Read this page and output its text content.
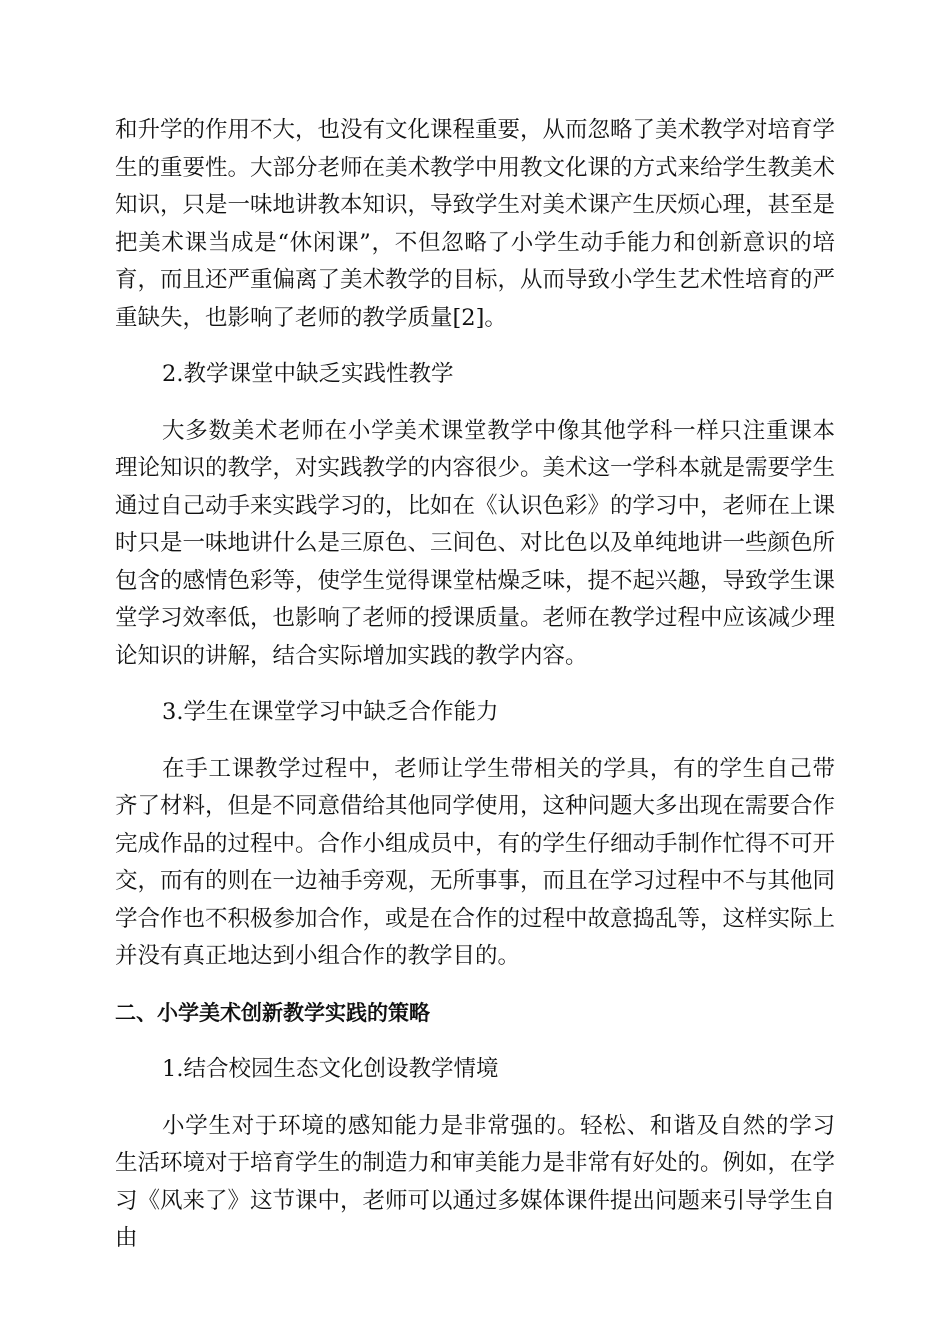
和升学的作用不大，也没有文化课程重要，从而忽略了美术教学对培育学生的重要性。大部分老师在美术教学中用教文化课的方式来给学生教美术知识，只是一味地讲教本知识，导致学生对美术课产生厌烦心理，甚至是把美术课当成是“休闲课”，不但忽略了小学生动手能力和创新意识的培育，而且还严重偏离了美术教学的目标，从而导致小学生艺术性培育的严重缺失，也影响了老师的教学质量[2]。

2.教学课堂中缺乏实践性教学

大多数美术老师在小学美术课堂教学中像其他学科一样只注重课本理论知识的教学，对实践教学的内容很少。美术这一学科本就是需要学生通过自己动手来实践学习的，比如在《认识色彩》的学习中，老师在上课时只是一味地讲什么是三原色、三间色、对比色以及单纯地讲一些颜色所包含的感情色彩等，使学生觉得课堂枯燥乏味，提不起兴趣，导致学生课堂学习效率低，也影响了老师的授课质量。老师在教学过程中应该减少理论知识的讲解，结合实际增加实践的教学内容。

3.学生在课堂学习中缺乏合作能力

在手工课教学过程中，老师让学生带相关的学具，有的学生自己带齐了材料，但是不同意借给其他同学使用，这种问题大多出现在需要合作完成作品的过程中。合作小组成员中，有的学生仔细动手制作忙得不可开交，而有的则在一边袖手旁观，无所事事，而且在学习过程中不与其他同学合作也不积极参加合作，或是在合作的过程中故意捣乱等，这样实际上并没有真正地达到小组合作的教学目的。

二、小学美术创新教学实践的策略

1.结合校园生态文化创设教学情境

小学生对于环境的感知能力是非常强的。轻松、和谐及自然的学习生活环境对于培育学生的制造力和审美能力是非常有好处的。例如，在学习《风来了》这节课中，老师可以通过多媒体课件提出问题来引导学生自由
